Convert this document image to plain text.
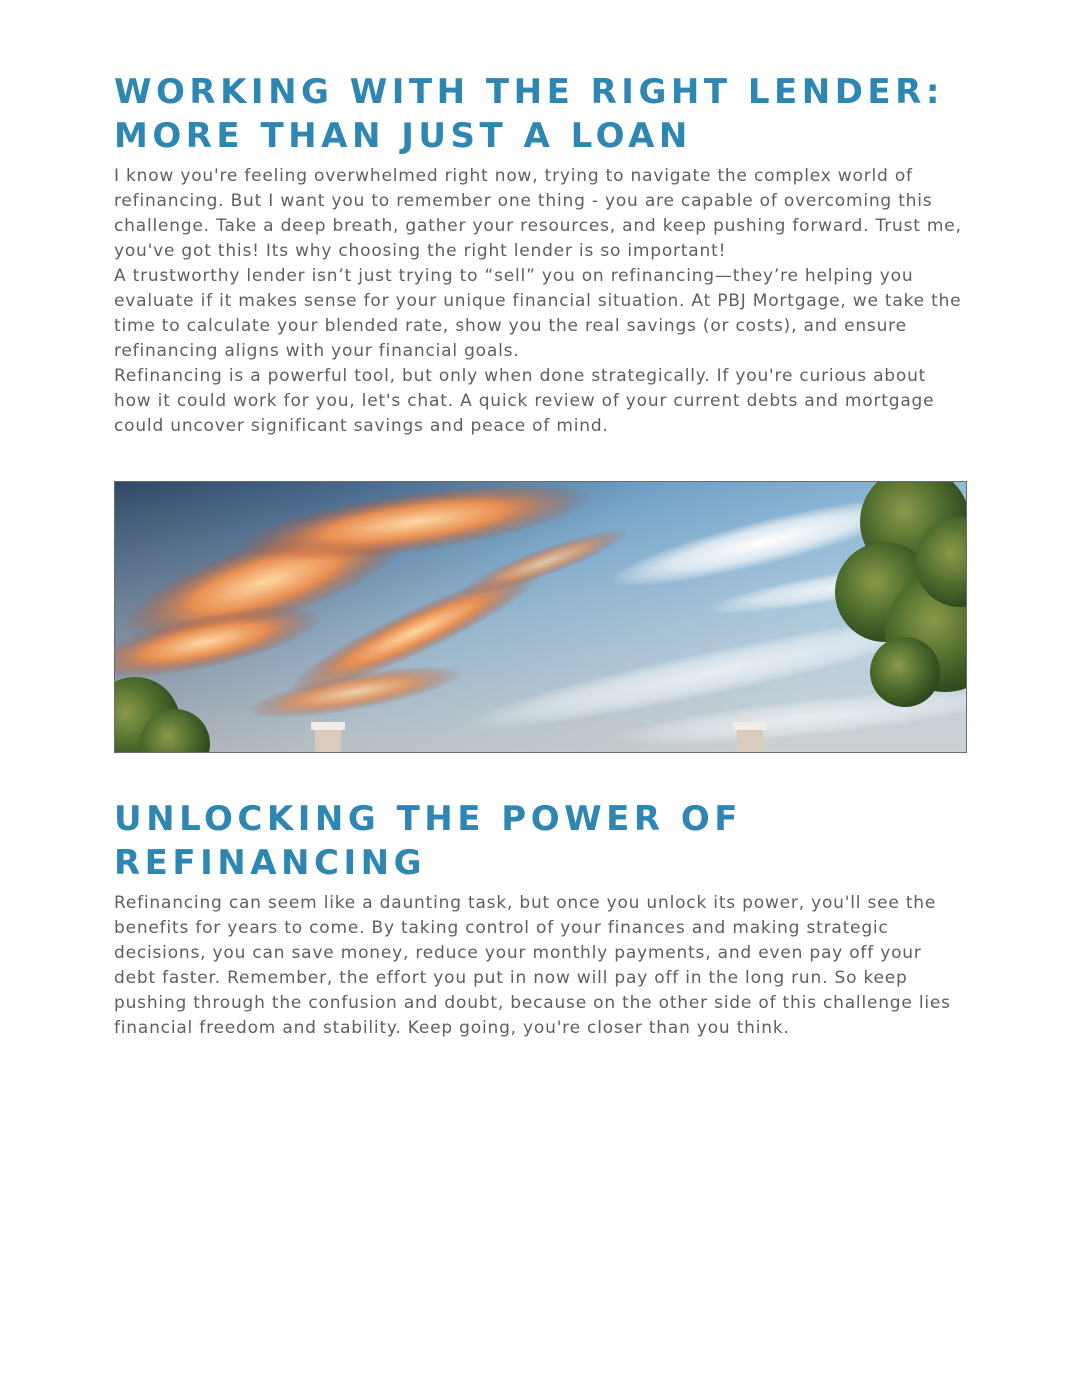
WORKING WITH THE RIGHT LENDER: MORE THAN JUST A LOAN

I know you're feeling overwhelmed right now, trying to navigate the complex world of refinancing. But I want you to remember one thing - you are capable of overcoming this challenge. Take a deep breath, gather your resources, and keep pushing forward. Trust me, you've got this! Its why choosing the right lender is so important!

A trustworthy lender isn’t just trying to “sell” you on refinancing—they’re helping you evaluate if it makes sense for your unique financial situation. At PBJ Mortgage, we take the time to calculate your blended rate, show you the real savings (or costs), and ensure refinancing aligns with your financial goals.

Refinancing is a powerful tool, but only when done strategically. If you're curious about how it could work for you, let's chat. A quick review of your current debts and mortgage could uncover significant savings and peace of mind.

UNLOCKING THE POWER OF REFINANCING

Refinancing can seem like a daunting task, but once you unlock its power, you'll see the benefits for years to come. By taking control of your finances and making strategic decisions, you can save money, reduce your monthly payments, and even pay off your debt faster. Remember, the effort you put in now will pay off in the long run. So keep pushing through the confusion and doubt, because on the other side of this challenge lies financial freedom and stability. Keep going, you're closer than you think.
